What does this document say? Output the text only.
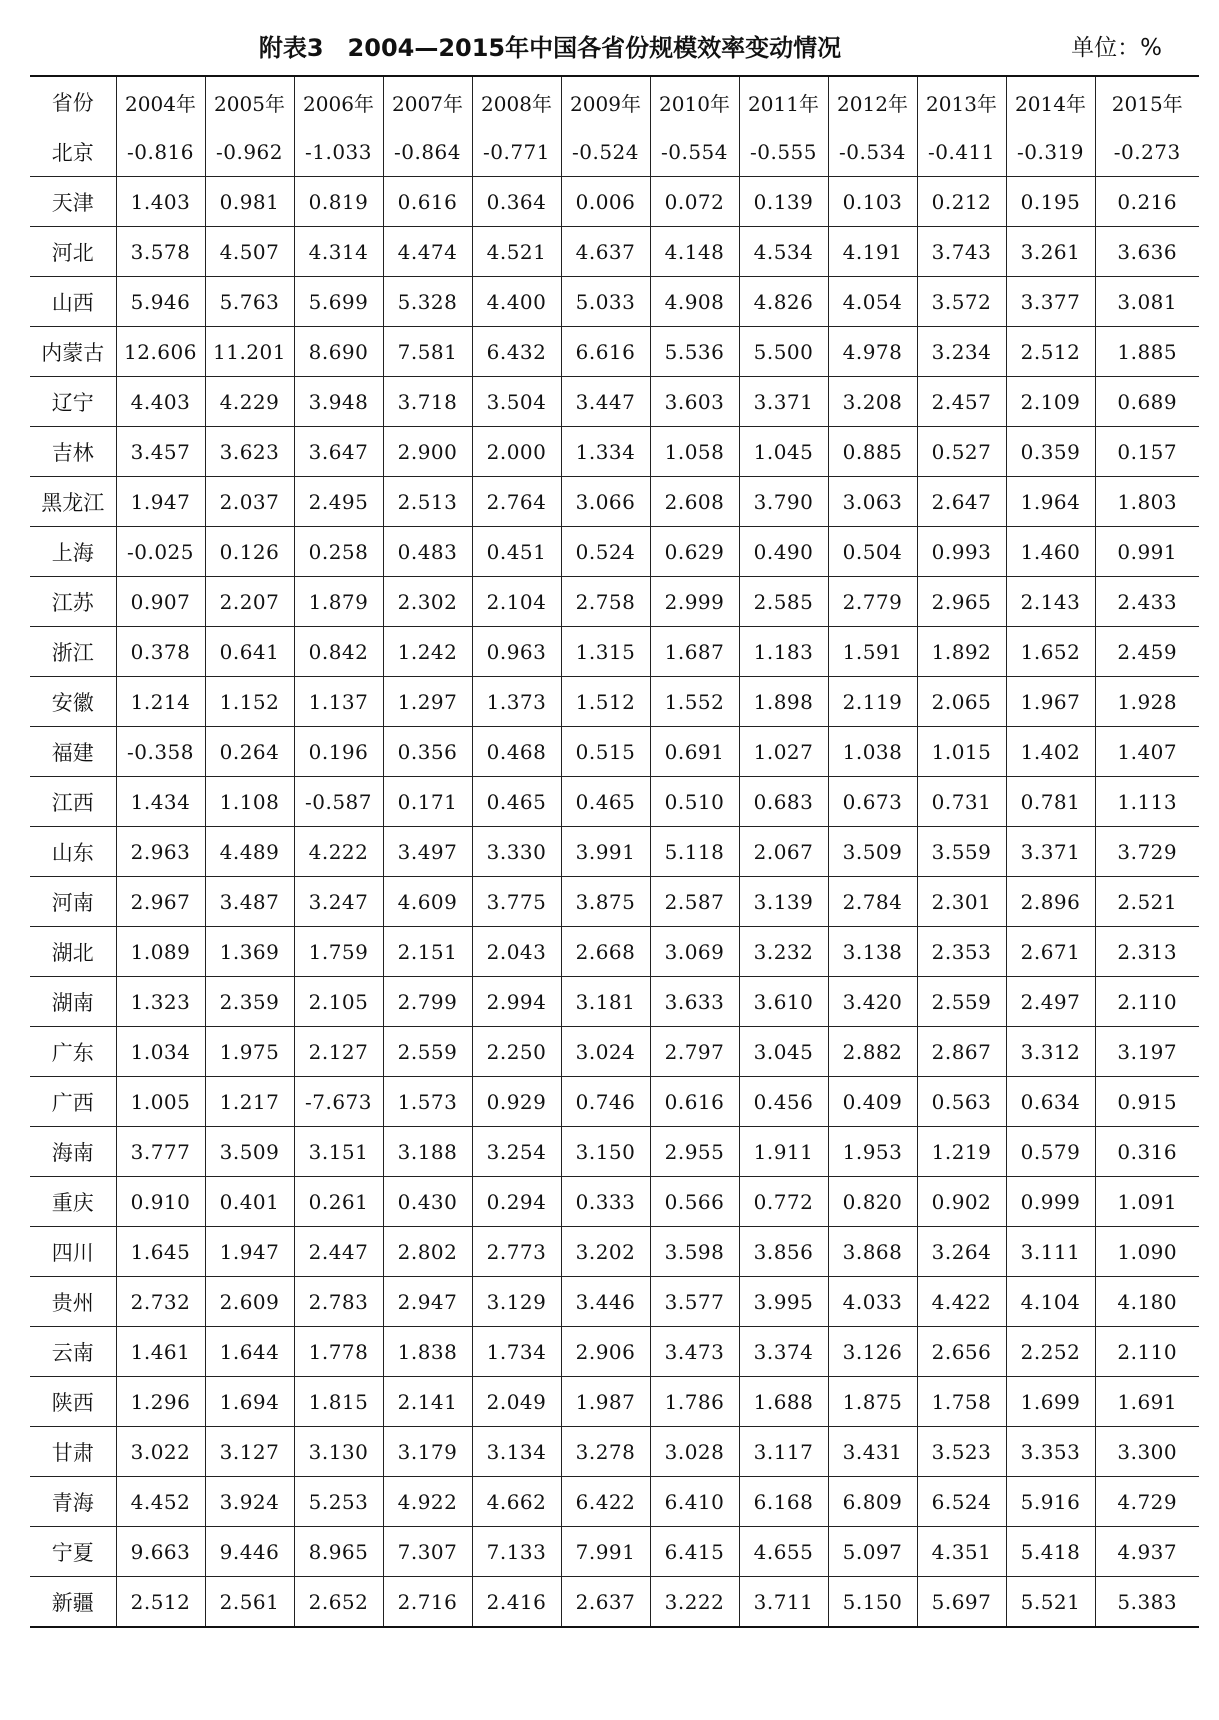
附表3　2004—2015年中国各省份规模效率变动情况	单位：%
省份	2004年	2005年	2006年	2007年	2008年	2009年	2010年	2011年	2012年	2013年	2014年	2015年
北京	-0.816	-0.962	-1.033	-0.864	-0.771	-0.524	-0.554	-0.555	-0.534	-0.411	-0.319	-0.273
天津	1.403	0.981	0.819	0.616	0.364	0.006	0.072	0.139	0.103	0.212	0.195	0.216
河北	3.578	4.507	4.314	4.474	4.521	4.637	4.148	4.534	4.191	3.743	3.261	3.636
山西	5.946	5.763	5.699	5.328	4.400	5.033	4.908	4.826	4.054	3.572	3.377	3.081
内蒙古	12.606	11.201	8.690	7.581	6.432	6.616	5.536	5.500	4.978	3.234	2.512	1.885
辽宁	4.403	4.229	3.948	3.718	3.504	3.447	3.603	3.371	3.208	2.457	2.109	0.689
吉林	3.457	3.623	3.647	2.900	2.000	1.334	1.058	1.045	0.885	0.527	0.359	0.157
黑龙江	1.947	2.037	2.495	2.513	2.764	3.066	2.608	3.790	3.063	2.647	1.964	1.803
上海	-0.025	0.126	0.258	0.483	0.451	0.524	0.629	0.490	0.504	0.993	1.460	0.991
江苏	0.907	2.207	1.879	2.302	2.104	2.758	2.999	2.585	2.779	2.965	2.143	2.433
浙江	0.378	0.641	0.842	1.242	0.963	1.315	1.687	1.183	1.591	1.892	1.652	2.459
安徽	1.214	1.152	1.137	1.297	1.373	1.512	1.552	1.898	2.119	2.065	1.967	1.928
福建	-0.358	0.264	0.196	0.356	0.468	0.515	0.691	1.027	1.038	1.015	1.402	1.407
江西	1.434	1.108	-0.587	0.171	0.465	0.465	0.510	0.683	0.673	0.731	0.781	1.113
山东	2.963	4.489	4.222	3.497	3.330	3.991	5.118	2.067	3.509	3.559	3.371	3.729
河南	2.967	3.487	3.247	4.609	3.775	3.875	2.587	3.139	2.784	2.301	2.896	2.521
湖北	1.089	1.369	1.759	2.151	2.043	2.668	3.069	3.232	3.138	2.353	2.671	2.313
湖南	1.323	2.359	2.105	2.799	2.994	3.181	3.633	3.610	3.420	2.559	2.497	2.110
广东	1.034	1.975	2.127	2.559	2.250	3.024	2.797	3.045	2.882	2.867	3.312	3.197
广西	1.005	1.217	-7.673	1.573	0.929	0.746	0.616	0.456	0.409	0.563	0.634	0.915
海南	3.777	3.509	3.151	3.188	3.254	3.150	2.955	1.911	1.953	1.219	0.579	0.316
重庆	0.910	0.401	0.261	0.430	0.294	0.333	0.566	0.772	0.820	0.902	0.999	1.091
四川	1.645	1.947	2.447	2.802	2.773	3.202	3.598	3.856	3.868	3.264	3.111	1.090
贵州	2.732	2.609	2.783	2.947	3.129	3.446	3.577	3.995	4.033	4.422	4.104	4.180
云南	1.461	1.644	1.778	1.838	1.734	2.906	3.473	3.374	3.126	2.656	2.252	2.110
陕西	1.296	1.694	1.815	2.141	2.049	1.987	1.786	1.688	1.875	1.758	1.699	1.691
甘肃	3.022	3.127	3.130	3.179	3.134	3.278	3.028	3.117	3.431	3.523	3.353	3.300
青海	4.452	3.924	5.253	4.922	4.662	6.422	6.410	6.168	6.809	6.524	5.916	4.729
宁夏	9.663	9.446	8.965	7.307	7.133	7.991	6.415	4.655	5.097	4.351	5.418	4.937
新疆	2.512	2.561	2.652	2.716	2.416	2.637	3.222	3.711	5.150	5.697	5.521	5.383
